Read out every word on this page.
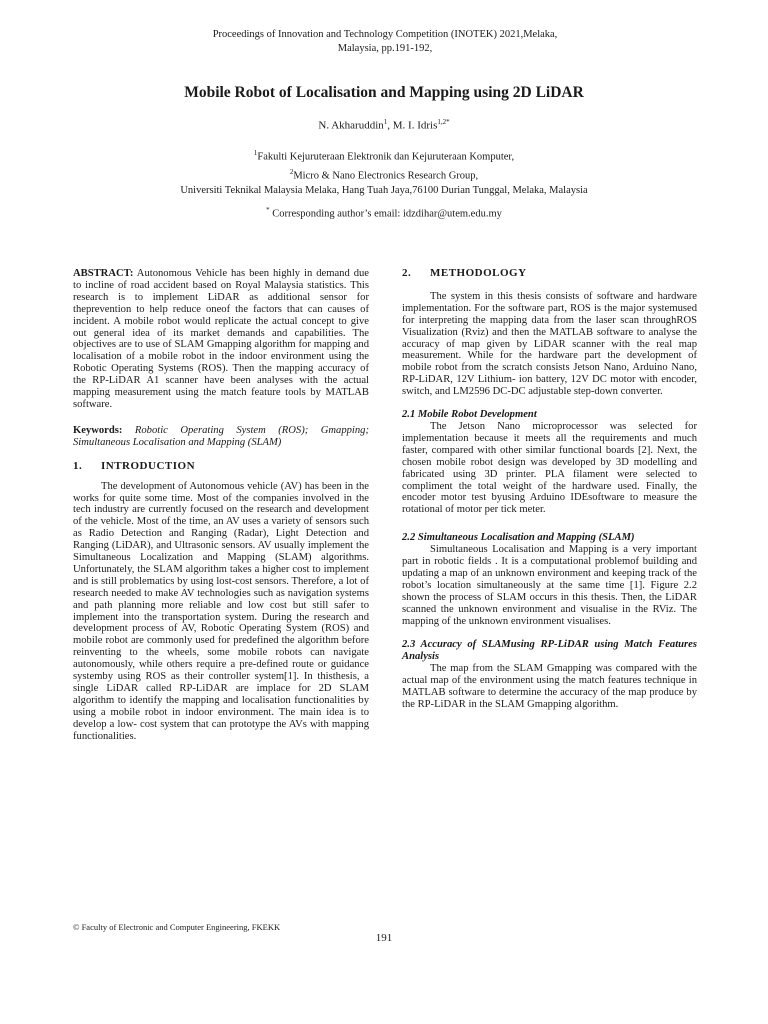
Proceedings of Innovation and Technology Competition (INOTEK) 2021,Melaka,
Malaysia, pp.191-192,
Mobile Robot of Localisation and Mapping using 2D LiDAR
N. Akharuddin$^1$, M. I. Idris$^{1,2*}$
$^1$Fakulti Kejuruteraan Elektronik dan Kejuruteraan Komputer,
$^2$Micro & Nano Electronics Research Group,
Universiti Teknikal Malaysia Melaka, Hang Tuah Jaya,76100 Durian Tunggal, Melaka, Malaysia
* Corresponding author’s email: idzdihar@utem.edu.my

ABSTRACT: Autonomous Vehicle has been highly in demand due to incline of road accident based on Royal Malaysia statistics. This research is to implement LiDAR as additional sensor for theprevention to help reduce oneof the factors that can causes of incident. A mobile robot would replicate the actual concept to give out general idea of its market demands and capabilities. The objectives are to use of SLAM Gmapping algorithm for mapping and localisation of a mobile robot in the indoor environment using the Robotic Operating Systems (ROS). Then the mapping accuracy of the RP-LiDAR A1 scanner have been analyses with the actual mapping measurement using the match feature tools by MATLAB software.

Keywords: Robotic Operating System (ROS); Gmapping; Simultaneous Localisation and Mapping (SLAM)

1. INTRODUCTION

The development of Autonomous vehicle (AV) has been in the works for quite some time. Most of the companies involved in the tech industry are currently focused on the research and development of the vehicle. Most of the time, an AV uses a variety of sensors such as Radio Detection and Ranging (Radar), Light Detection and Ranging (LiDAR), and Ultrasonic sensors. AV usually implement the Simultaneous Localization and Mapping (SLAM) algorithms. Unfortunately, the SLAM algorithm takes a higher cost to implement and is still problematics by using lost-cost sensors. Therefore, a lot of research needed to make AV technologies such as navigation systems and path planning more reliable and low cost but still safer to implement into the transportation system. During the research and development process of AV, Robotic Operating System (ROS) and mobile robot are commonly used for predefined the algorithm before reinventing to the wheels, some mobile robots can navigate autonomously, while others require a pre-defined route or guidance systemby using ROS as their controller system[1]. In thisthesis, a single LiDAR called RP-LiDAR are implace for 2D SLAM algorithm to identify the mapping and localisation functionalities by using a mobile robot in indoor environment. The main idea is to develop a low- cost system that can prototype the AVs with mapping functionalities.

2. METHODOLOGY

The system in this thesis consists of software and hardware implementation. For the software part, ROS is the major systemused for interpreting the mapping data from the laser scan throughROS Visualization (Rviz) and then the MATLAB software to analyse the accuracy of map given by LiDAR scanner with the real map measurement. While for the hardware part the development of mobile robot from the scratch consists Jetson Nano, Arduino Nano, RP-LiDAR, 12V Lithium- ion battery, 12V DC motor with encoder, switch, and LM2596 DC-DC adjustable step-down converter.

2.1 Mobile Robot Development

The Jetson Nano microprocessor was selected for implementation because it meets all the requirements and much faster, compared with other similar functional boards [2]. Next, the chosen mobile robot design was developed by 3D modelling and fabricated using 3D printer. PLA filament were selected to compliment the total weight of the hardware used. Finally, the encoder motor test byusing Arduino IDEsoftware to measure the rotational of motor per tick meter.

2.2 Simultaneous Localisation and Mapping (SLAM)

Simultaneous Localisation and Mapping is a very important part in robotic fields . It is a computational problemof building and updating a map of an unknown environment and keeping track of the robot’s location simultaneously at the same time [1]. Figure 2.2 shown the process of SLAM occurs in this thesis. Then, the LiDAR scanned the unknown environment and visualise in the RViz. The mapping of the unknown environment visualises.

2.3 Accuracy of SLAMusing RP-LiDAR using Match Features Analysis

The map from the SLAM Gmapping was compared with the actual map of the environment using the match features technique in MATLAB software to determine the accuracy of the map produce by the RP-LiDAR in the SLAM Gmapping algorithm.

© Faculty of Electronic and Computer Engineering, FKEKK
191
